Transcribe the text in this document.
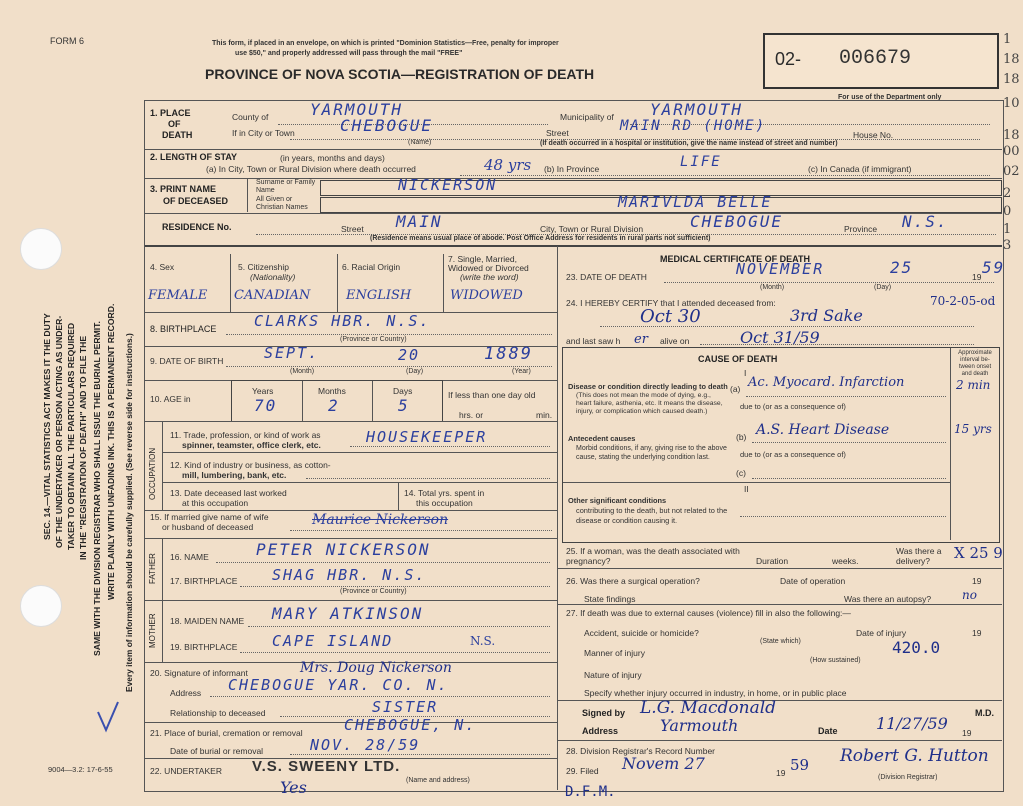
FORM 6	This form, if placed in an envelope, on which is printed "Dominion Statistics—Free, penalty for improper
use $50," and properly addressed will pass through the mail "FREE"
PROVINCE OF NOVA SCOTIA—REGISTRATION OF DEATH
02- 006679
For use of the Department only
1
18
18
10
18
00
02
2
0
1
3
SEC. 14.—VITAL STATISTICS ACT MAKES IT THE DUTY OF THE UNDERTAKER OR PERSON ACTING AS UNDER- TAKER TO OBTAIN ALL THE PARTICULARS REQUIRED IN THE "REGISTRATION OF DEATH" AND TO FILE THE SAME WITH THE DIVISION REGISTRAR WHO SHALL ISSUE THE BURIAL PERMIT. WRITE PLAINLY WITH UNFADING INK. THIS IS A PERMANENT RECORD. Every item of information should be carefully supplied. (See reverse side for instructions.)
1. PLACE
OF
DEATH
County of	YARMOUTH	Municipality of YARMOUTH
If in City or Town	CHEBOGUE
(Name)
Street	MAIN RD (HOME)
House No.
(If death occurred in a hospital or institution, give the name instead of street and number)
2. LENGTH OF STAY	(in years, months and days)
(a) In City, Town or Rural Division where death occurred	48 yrs (b) In Province	LIFE	(c) In Canada (if immigrant)
3. PRINT NAME
OF DECEASED
Surname or Family Name	NICKERSON
All Given or Christian Names	MARIVLDA BELLE
RESIDENCE No.	Street MAIN	City, Town or Rural Division	CHEBOGUE	Province N.S.
(Residence means usual place of abode. Post Office Address for residents in rural parts not sufficient)
4. Sex
FEMALE
5. Citizenship
(Nationality)
CANADIAN
6. Racial Origin
ENGLISH
7. Single, Married,
Widowed or Divorced
(write the word)
WIDOWED
8. BIRTHPLACE	CLARKS HBR. N.S.
(Province or Country)
9. DATE OF BIRTH	SEPT.	20	1889
(Month)	(Day)	(Year)
10. AGE in
Years	Months	Days
70	2	5
If less than one day old
hrs. or	min.
OCCUPATION
11. Trade, profession, or kind of work as
spinner, teamster, office clerk, etc.	HOUSEKEEPER
12. Kind of industry or business, as cotton-
mill, lumbering, bank, etc.
13. Date deceased last worked
at this occupation
14. Total yrs. spent in
this occupation
15. If married give name of wife
or husband of deceased	Maurice Nickerson
FATHER 16. NAME	PETER NICKERSON
17. BIRTHPLACE SHAG HBR. N.S.
(Province or Country)
MOTHER 18. MAIDEN NAME MARY ATKINSON
19. BIRTHPLACE CAPE ISLAND	N.S.
20. Signature of informant	Mrs. Doug Nickerson
Address CHEBOGUE YAR. CO. N.
Relationship to deceased	SISTER
21. Place of burial, cremation or removal	CHEBOGUE, N.
Date of burial or removal	NOV. 28/59
22. UNDERTAKER V.S. SWEENY LTD.
(Name and address)
Yes
9004—3.2: 17-6-55
D.F.M.
MEDICAL CERTIFICATE OF DEATH
23. DATE OF DEATH	NOVEMBER	25	19 59
(Month)	(Day)
24. I HEREBY CERTIFY that I attended deceased from:	70-2-05-od
Oct 30	3rd Sake
and last saw h er alive on	Oct 31/59
CAUSE OF DEATH
Approximate interval be-tween onset and death
I
Disease or condition directly leading to death
(This does not mean the mode of dying, e.g., heart failure, asthenia, etc. It means the disease, injury, or complication which caused death.)
(a) Ac. Myocard. Infarction	2 min
due to (or as a consequence of)
Antecedent causes
Morbid conditions, if any, giving rise to the above cause, stating the underlying condition last.
(b) A.S. Heart Disease	15 yrs
due to (or as a consequence of)
(c)
II
Other significant conditions
contributing to the death, but not related to the disease or condition causing it.
25. If a woman, was the death associated with pregnancy?	Duration	weeks.
Was there a delivery?	X 25 9
26. Was there a surgical operation?	Date of operation	19
State findings	Was there an autopsy?	no
27. If death was due to external causes (violence) fill in also the following:—
Accident, suicide or homicide?
(State which)
Date of injury	19
Manner of injury	420.0
(How sustained)
Nature of injury
Specify whether injury occurred in industry, in home, or in public place
Signed by L.G. Macdonald	M.D.
Address	Yarmouth	Date 11/27/59 19
28. Division Registrar's Record Number
29. Filed Novem 27	19 59 Robert G. Hutton
(Division Registrar)
